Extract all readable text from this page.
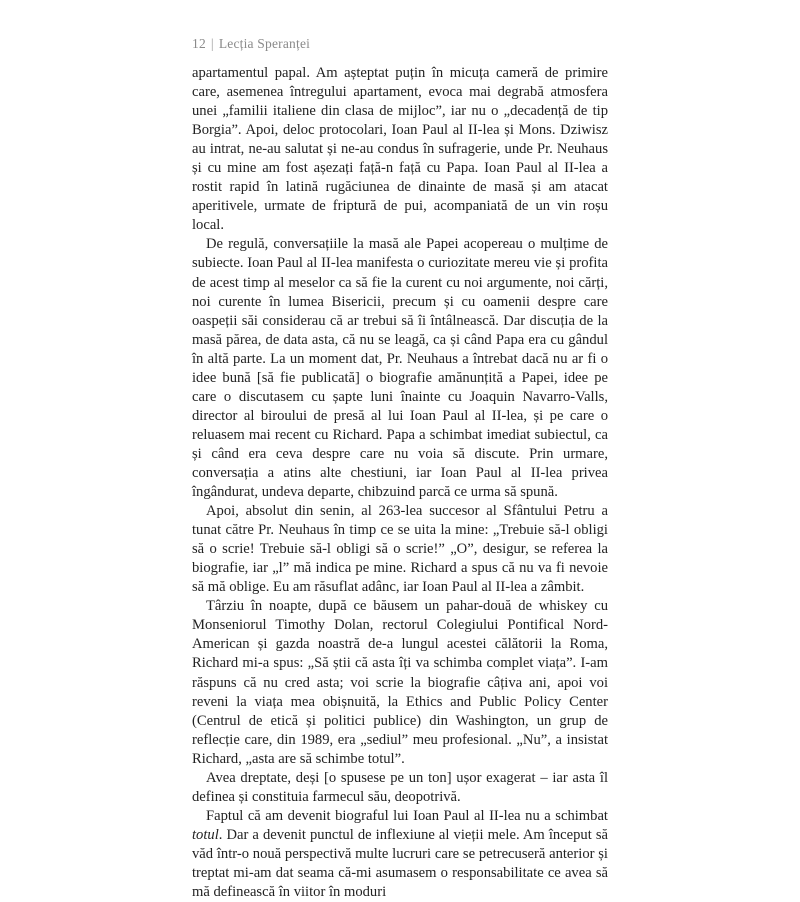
12 | Lecția Speranței

apartamentul papal. Am așteptat puțin în micuța cameră de primire care, asemenea întregului apartament, evoca mai degrabă atmosfera unei „familii italiene din clasa de mijloc”, iar nu o „decadență de tip Borgia”. Apoi, deloc protocolari, Ioan Paul al II-lea și Mons. Dziwisz au intrat, ne-au salutat și ne-au condus în sufragerie, unde Pr. Neuhaus și cu mine am fost așezați față-n față cu Papa. Ioan Paul al II-lea a rostit rapid în latină rugăciunea de dinainte de masă și am atacat aperitivele, urmate de friptură de pui, acompaniată de un vin roșu local.

De regulă, conversațiile la masă ale Papei acopereau o mulțime de subiecte. Ioan Paul al II-lea manifesta o curiozitate mereu vie și profita de acest timp al meselor ca să fie la curent cu noi argumente, noi cărți, noi curente în lumea Bisericii, precum și cu oamenii despre care oaspeții săi considerau că ar trebui să îi întâlnească. Dar discuția de la masă părea, de data asta, că nu se leagă, ca și când Papa era cu gândul în altă parte. La un moment dat, Pr. Neuhaus a întrebat dacă nu ar fi o idee bună [să fie publicată] o biografie amănunțită a Papei, idee pe care o discutasem cu șapte luni înainte cu Joaquin Navarro-Valls, director al biroului de presă al lui Ioan Paul al II-lea, și pe care o reluasem mai recent cu Richard. Papa a schimbat imediat subiectul, ca și când era ceva despre care nu voia să discute. Prin urmare, conversația a atins alte chestiuni, iar Ioan Paul al II-lea privea îngândurat, undeva departe, chibzuind parcă ce urma să spună.

Apoi, absolut din senin, al 263-lea succesor al Sfântului Petru a tunat către Pr. Neuhaus în timp ce se uita la mine: „Trebuie să-l obligi să o scrie! Trebuie să-l obligi să o scrie!” „O”, desigur, se referea la biografie, iar „l” mă indica pe mine. Richard a spus că nu va fi nevoie să mă oblige. Eu am răsuflat adânc, iar Ioan Paul al II-lea a zâmbit.

Târziu în noapte, după ce băusem un pahar-două de whiskey cu Monseniorul Timothy Dolan, rectorul Colegiului Pontifical Nord-American și gazda noastră de-a lungul acestei călătorii la Roma, Richard mi-a spus: „Să știi că asta îți va schimba complet viața”. I-am răspuns că nu cred asta; voi scrie la biografie câțiva ani, apoi voi reveni la viața mea obișnuită, la Ethics and Public Policy Center (Centrul de etică și politici publice) din Washington, un grup de reflecție care, din 1989, era „sediul” meu profesional. „Nu”, a insistat Richard, „asta are să schimbe totul”.

Avea dreptate, deși [o spusese pe un ton] ușor exagerat – iar asta îl definea și constituia farmecul său, deopotrivă.

Faptul că am devenit biograful lui Ioan Paul al II-lea nu a schimbat totul. Dar a devenit punctul de inflexiune al vieții mele. Am început să văd într-o nouă perspectivă multe lucruri care se petrecuseră anterior și treptat mi-am dat seama că-mi asumasem o responsabilitate ce avea să mă definească în viitor în moduri
